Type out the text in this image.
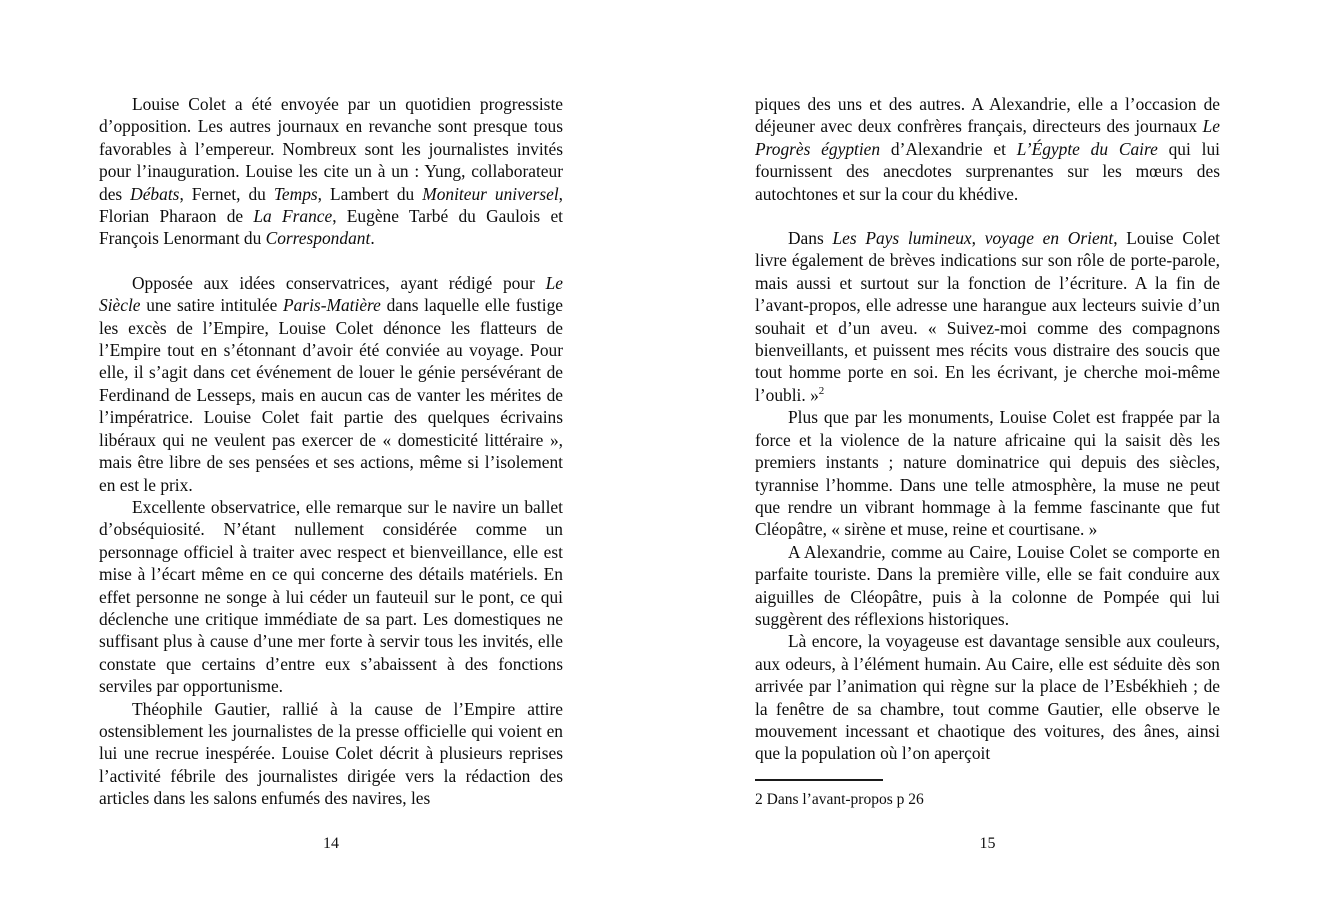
Louise Colet a été envoyée par un quotidien progressiste d’opposition. Les autres journaux en revanche sont presque tous favorables à l’empereur. Nombreux sont les journalistes invités pour l’inauguration. Louise les cite un à un : Yung, collaborateur des Débats, Fernet, du Temps, Lambert du Moniteur universel, Florian Pharaon de La France, Eugène Tarbé du Gaulois et François Lenormant du Correspondant.

Opposée aux idées conservatrices, ayant rédigé pour Le Siècle une satire intitulée Paris-Matière dans laquelle elle fustige les excès de l’Empire, Louise Colet dénonce les flatteurs de l’Empire tout en s’étonnant d’avoir été conviée au voyage. Pour elle, il s’agit dans cet événement de louer le génie persévérant de Ferdinand de Lesseps, mais en aucun cas de vanter les mérites de l’impératrice. Louise Colet fait partie des quelques écrivains libéraux qui ne veulent pas exercer de « domesticité littéraire », mais être libre de ses pensées et ses actions, même si l’isolement en est le prix.

Excellente observatrice, elle remarque sur le navire un ballet d’obséquiosité. N’étant nullement considérée comme un personnage officiel à traiter avec respect et bienveillance, elle est mise à l’écart même en ce qui concerne des détails matériels. En effet personne ne songe à lui céder un fauteuil sur le pont, ce qui déclenche une critique immédiate de sa part. Les domestiques ne suffisant plus à cause d’une mer forte à servir tous les invités, elle constate que certains d’entre eux s’abaissent à des fonctions serviles par opportunisme.

Théophile Gautier, rallié à la cause de l’Empire attire ostensiblement les journalistes de la presse officielle qui voient en lui une recrue inespérée. Louise Colet décrit à plusieurs reprises l’activité fébrile des journalistes dirigée vers la rédaction des articles dans les salons enfumés des navires, les

piques des uns et des autres. A Alexandrie, elle a l’occasion de déjeuner avec deux confrères français, directeurs des journaux Le Progrès égyptien d’Alexandrie et L’Égypte du Caire qui lui fournissent des anecdotes surprenantes sur les mœurs des autochtones et sur la cour du khédive.

Dans Les Pays lumineux, voyage en Orient, Louise Colet livre également de brèves indications sur son rôle de porte-parole, mais aussi et surtout sur la fonction de l’écriture. A la fin de l’avant-propos, elle adresse une harangue aux lecteurs suivie d’un souhait et d’un aveu. « Suivez-moi comme des compagnons bienveillants, et puissent mes récits vous distraire des soucis que tout homme porte en soi. En les écrivant, je cherche moi-même l’oubli. »$^2$

Plus que par les monuments, Louise Colet est frappée par la force et la violence de la nature africaine qui la saisit dès les premiers instants ; nature dominatrice qui depuis des siècles, tyrannise l’homme. Dans une telle atmosphère, la muse ne peut que rendre un vibrant hommage à la femme fascinante que fut Cléopâtre, « sirène et muse, reine et courtisane. »

A Alexandrie, comme au Caire, Louise Colet se comporte en parfaite touriste. Dans la première ville, elle se fait conduire aux aiguilles de Cléopâtre, puis à la colonne de Pompée qui lui suggèrent des réflexions historiques.

Là encore, la voyageuse est davantage sensible aux couleurs, aux odeurs, à l’élément humain. Au Caire, elle est séduite dès son arrivée par l’animation qui règne sur la place de l’Esbékhieh ; de la fenêtre de sa chambre, tout comme Gautier, elle observe le mouvement incessant et chaotique des voitures, des ânes, ainsi que la population où l’on aperçoit

2 Dans l’avant-propos p 26
14	15
